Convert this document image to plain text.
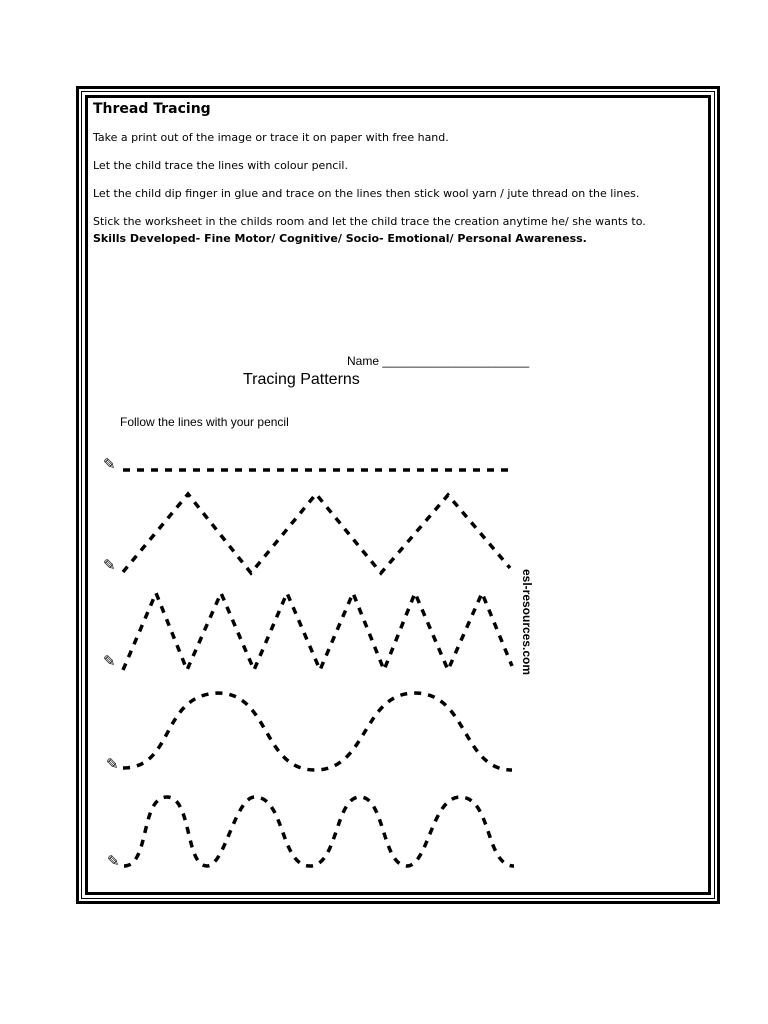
Thread Tracing

Take a print out of the image or trace it on paper with free hand.

Let the child trace the lines with colour pencil.

Let the child dip finger in glue and trace on the lines then stick wool yarn / jute thread on the lines.

Stick the worksheet in the childs room and let the child trace the creation anytime he/ she wants to.

Skills Developed- Fine Motor/ Cognitive/ Socio- Emotional/ Personal Awareness.

Name ______________________
Tracing Patterns
Follow the lines with your pencil
esl-resources.com
✎
✎
✎
✎
✎
